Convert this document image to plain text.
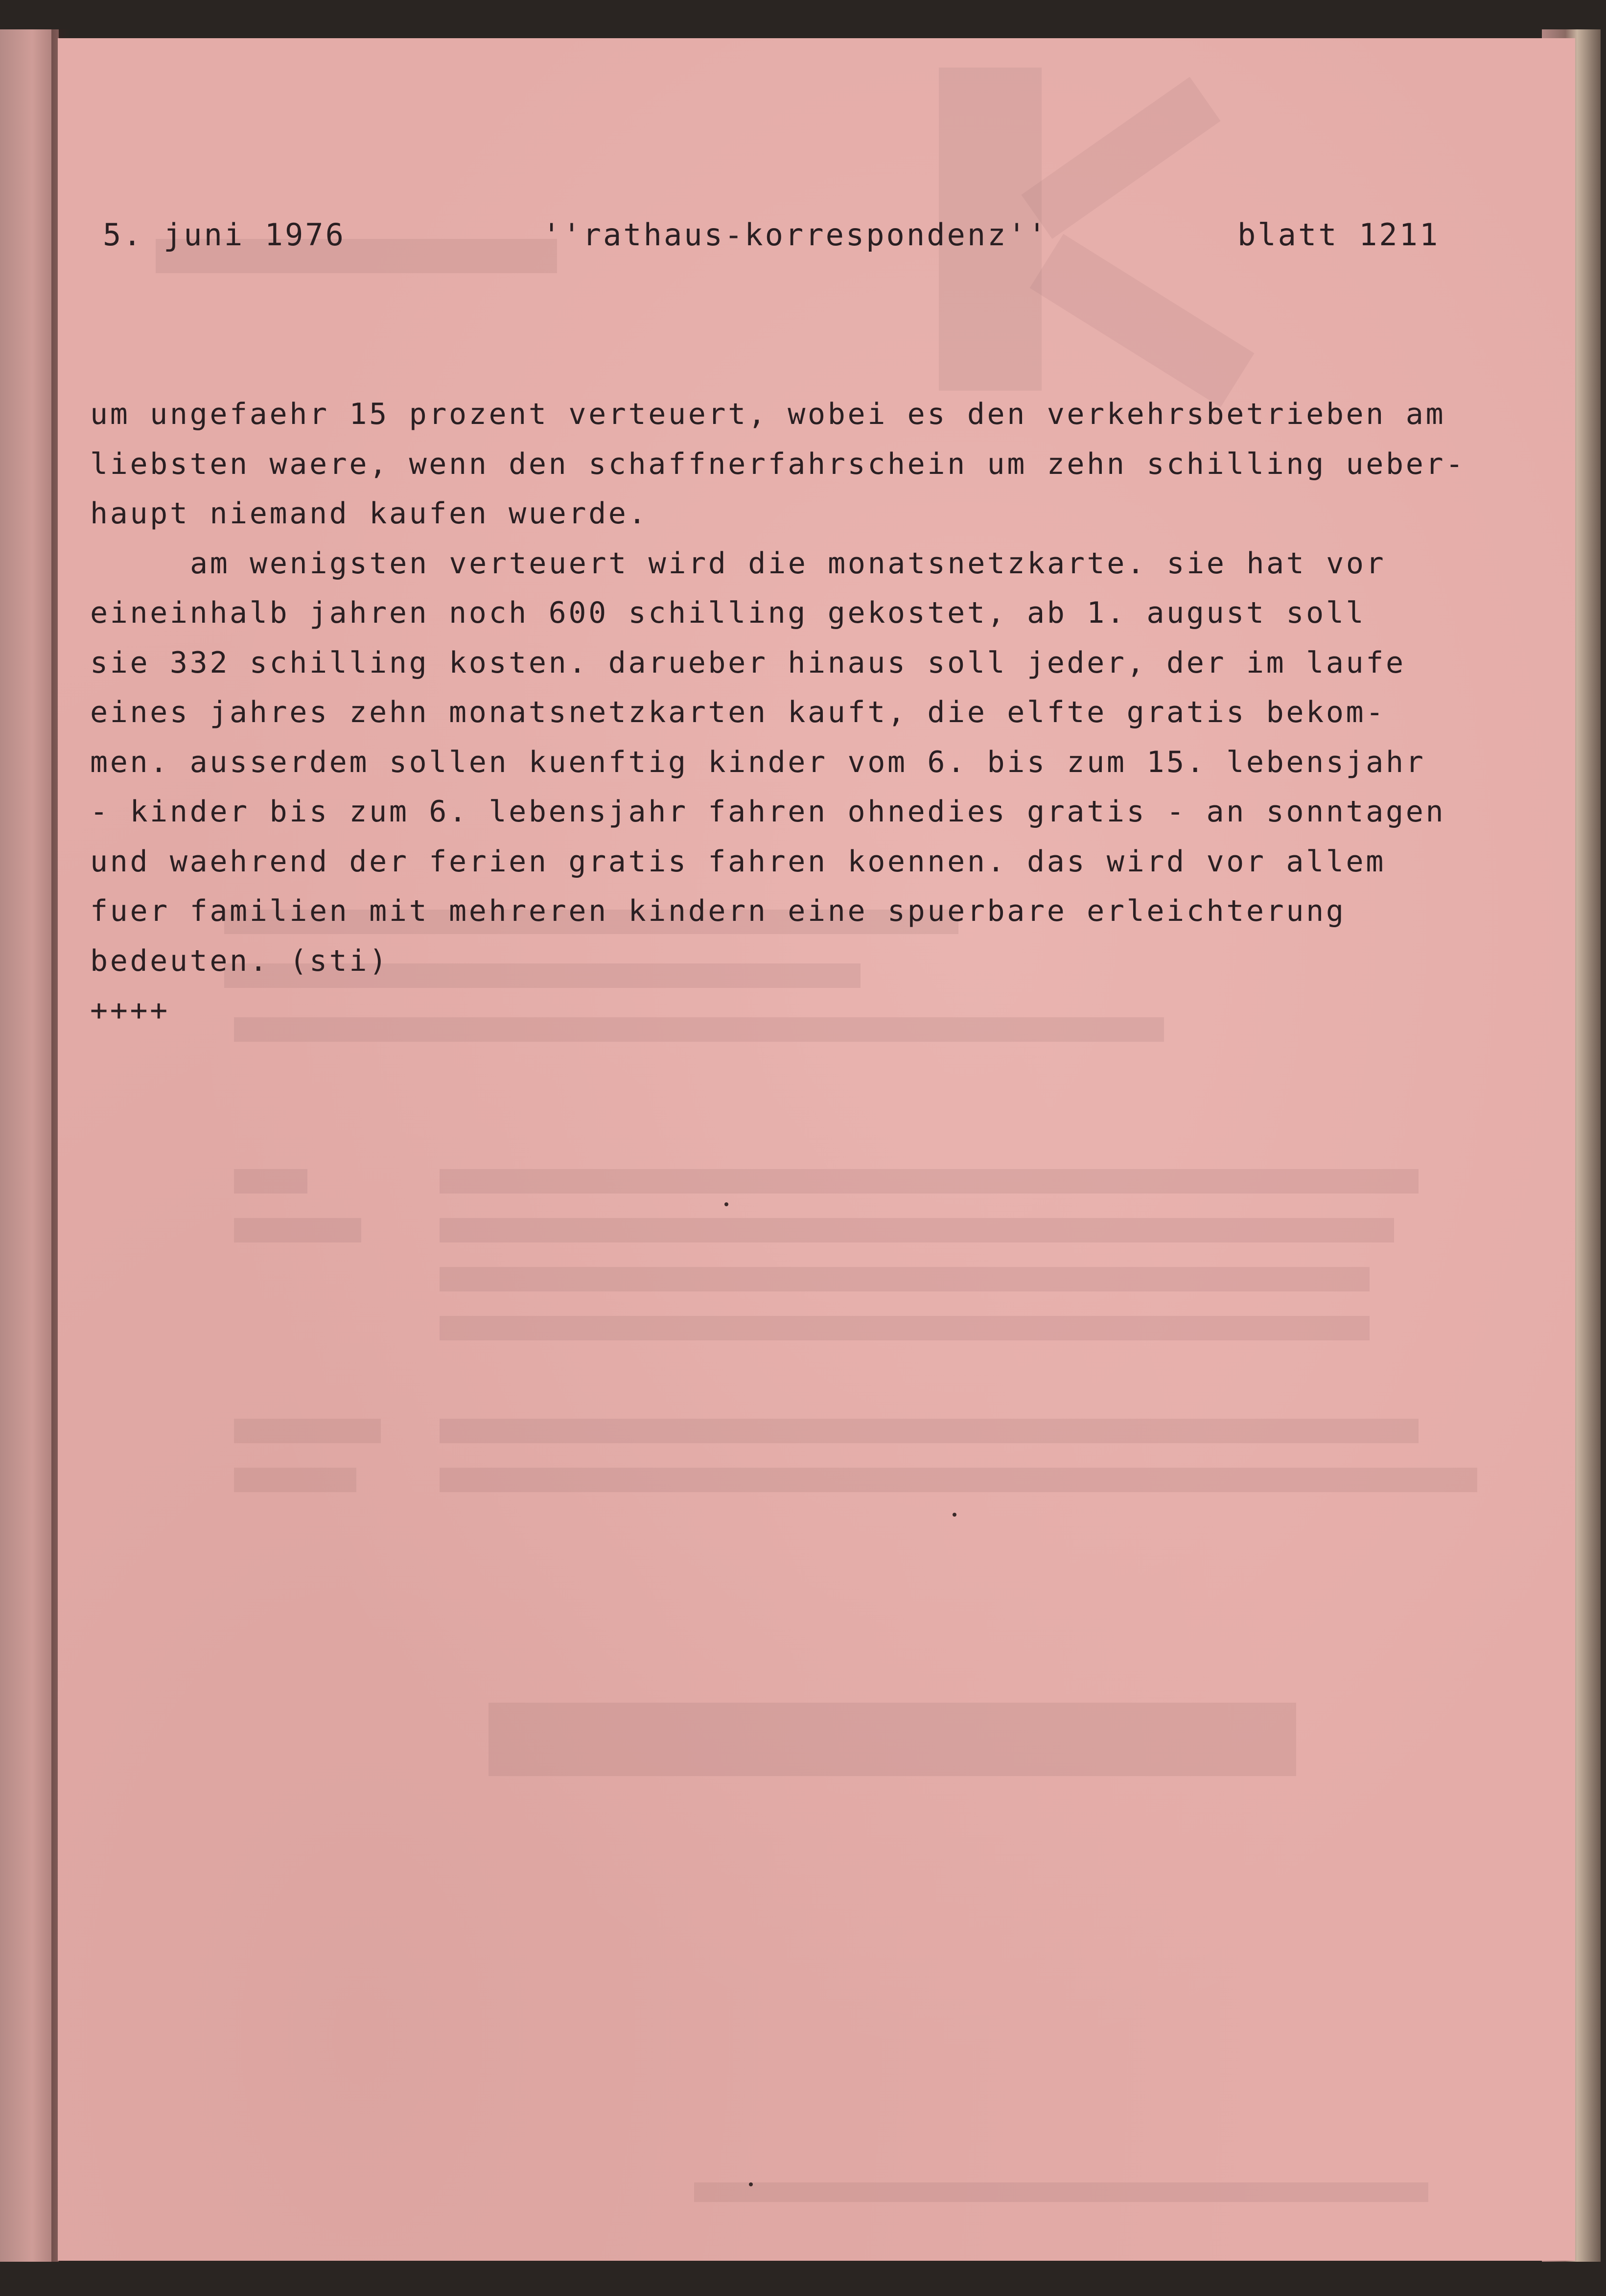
5. juni 1976	''rathaus-korrespondenz''	blatt 1211
um ungefaehr 15 prozent verteuert, wobei es den verkehrsbetrieben am
liebsten waere, wenn den schaffnerfahrschein um zehn schilling ueber-
haupt niemand kaufen wuerde.
am wenigsten verteuert wird die monatsnetzkarte. sie hat vor
eineinhalb jahren noch 600 schilling gekostet, ab 1. august soll
sie 332 schilling kosten. darueber hinaus soll jeder, der im laufe
eines jahres zehn monatsnetzkarten kauft, die elfte gratis bekom-
men. ausserdem sollen kuenftig kinder vom 6. bis zum 15. lebensjahr
- kinder bis zum 6. lebensjahr fahren ohnedies gratis - an sonntagen
und waehrend der ferien gratis fahren koennen. das wird vor allem
fuer familien mit mehreren kindern eine spuerbare erleichterung
bedeuten. (sti)
++++
